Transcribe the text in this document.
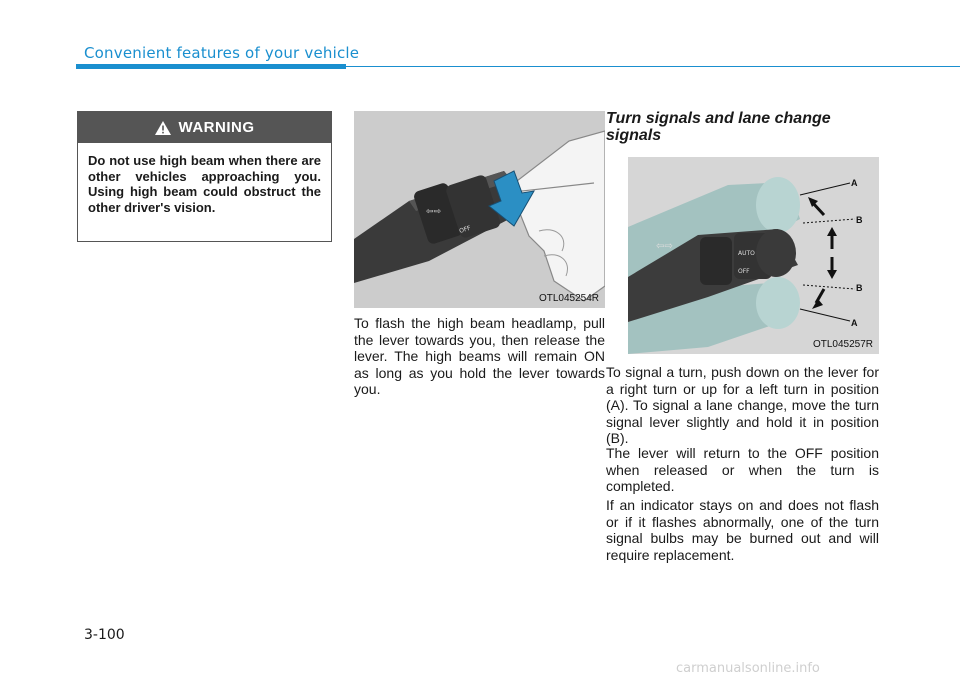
Convenient features of your vehicle
WARNING
Do not use high beam when there are other vehicles approaching you. Using high beam could obstruct the other driver's vision.	⇦⇨
OFF
OTL045254R
To flash the high beam headlamp, pull the lever towards you, then release the lever. The high beams will remain ON as long as you hold the lever towards you.
Turn signals and lane change signals
⇦⇨
OFF
AUTO
A
B
B
A
OTL045257R
To signal a turn, push down on the lever for a right turn or up for a left turn in position (A). To signal a lane change, move the turn signal lever slightly and hold it in position (B).
The lever will return to the OFF position when released or when the turn is completed.
If an indicator stays on and does not flash or if it flashes abnormally, one of the turn signal bulbs may be burned out and will require replacement.
3-100
carmanualsonline.info
